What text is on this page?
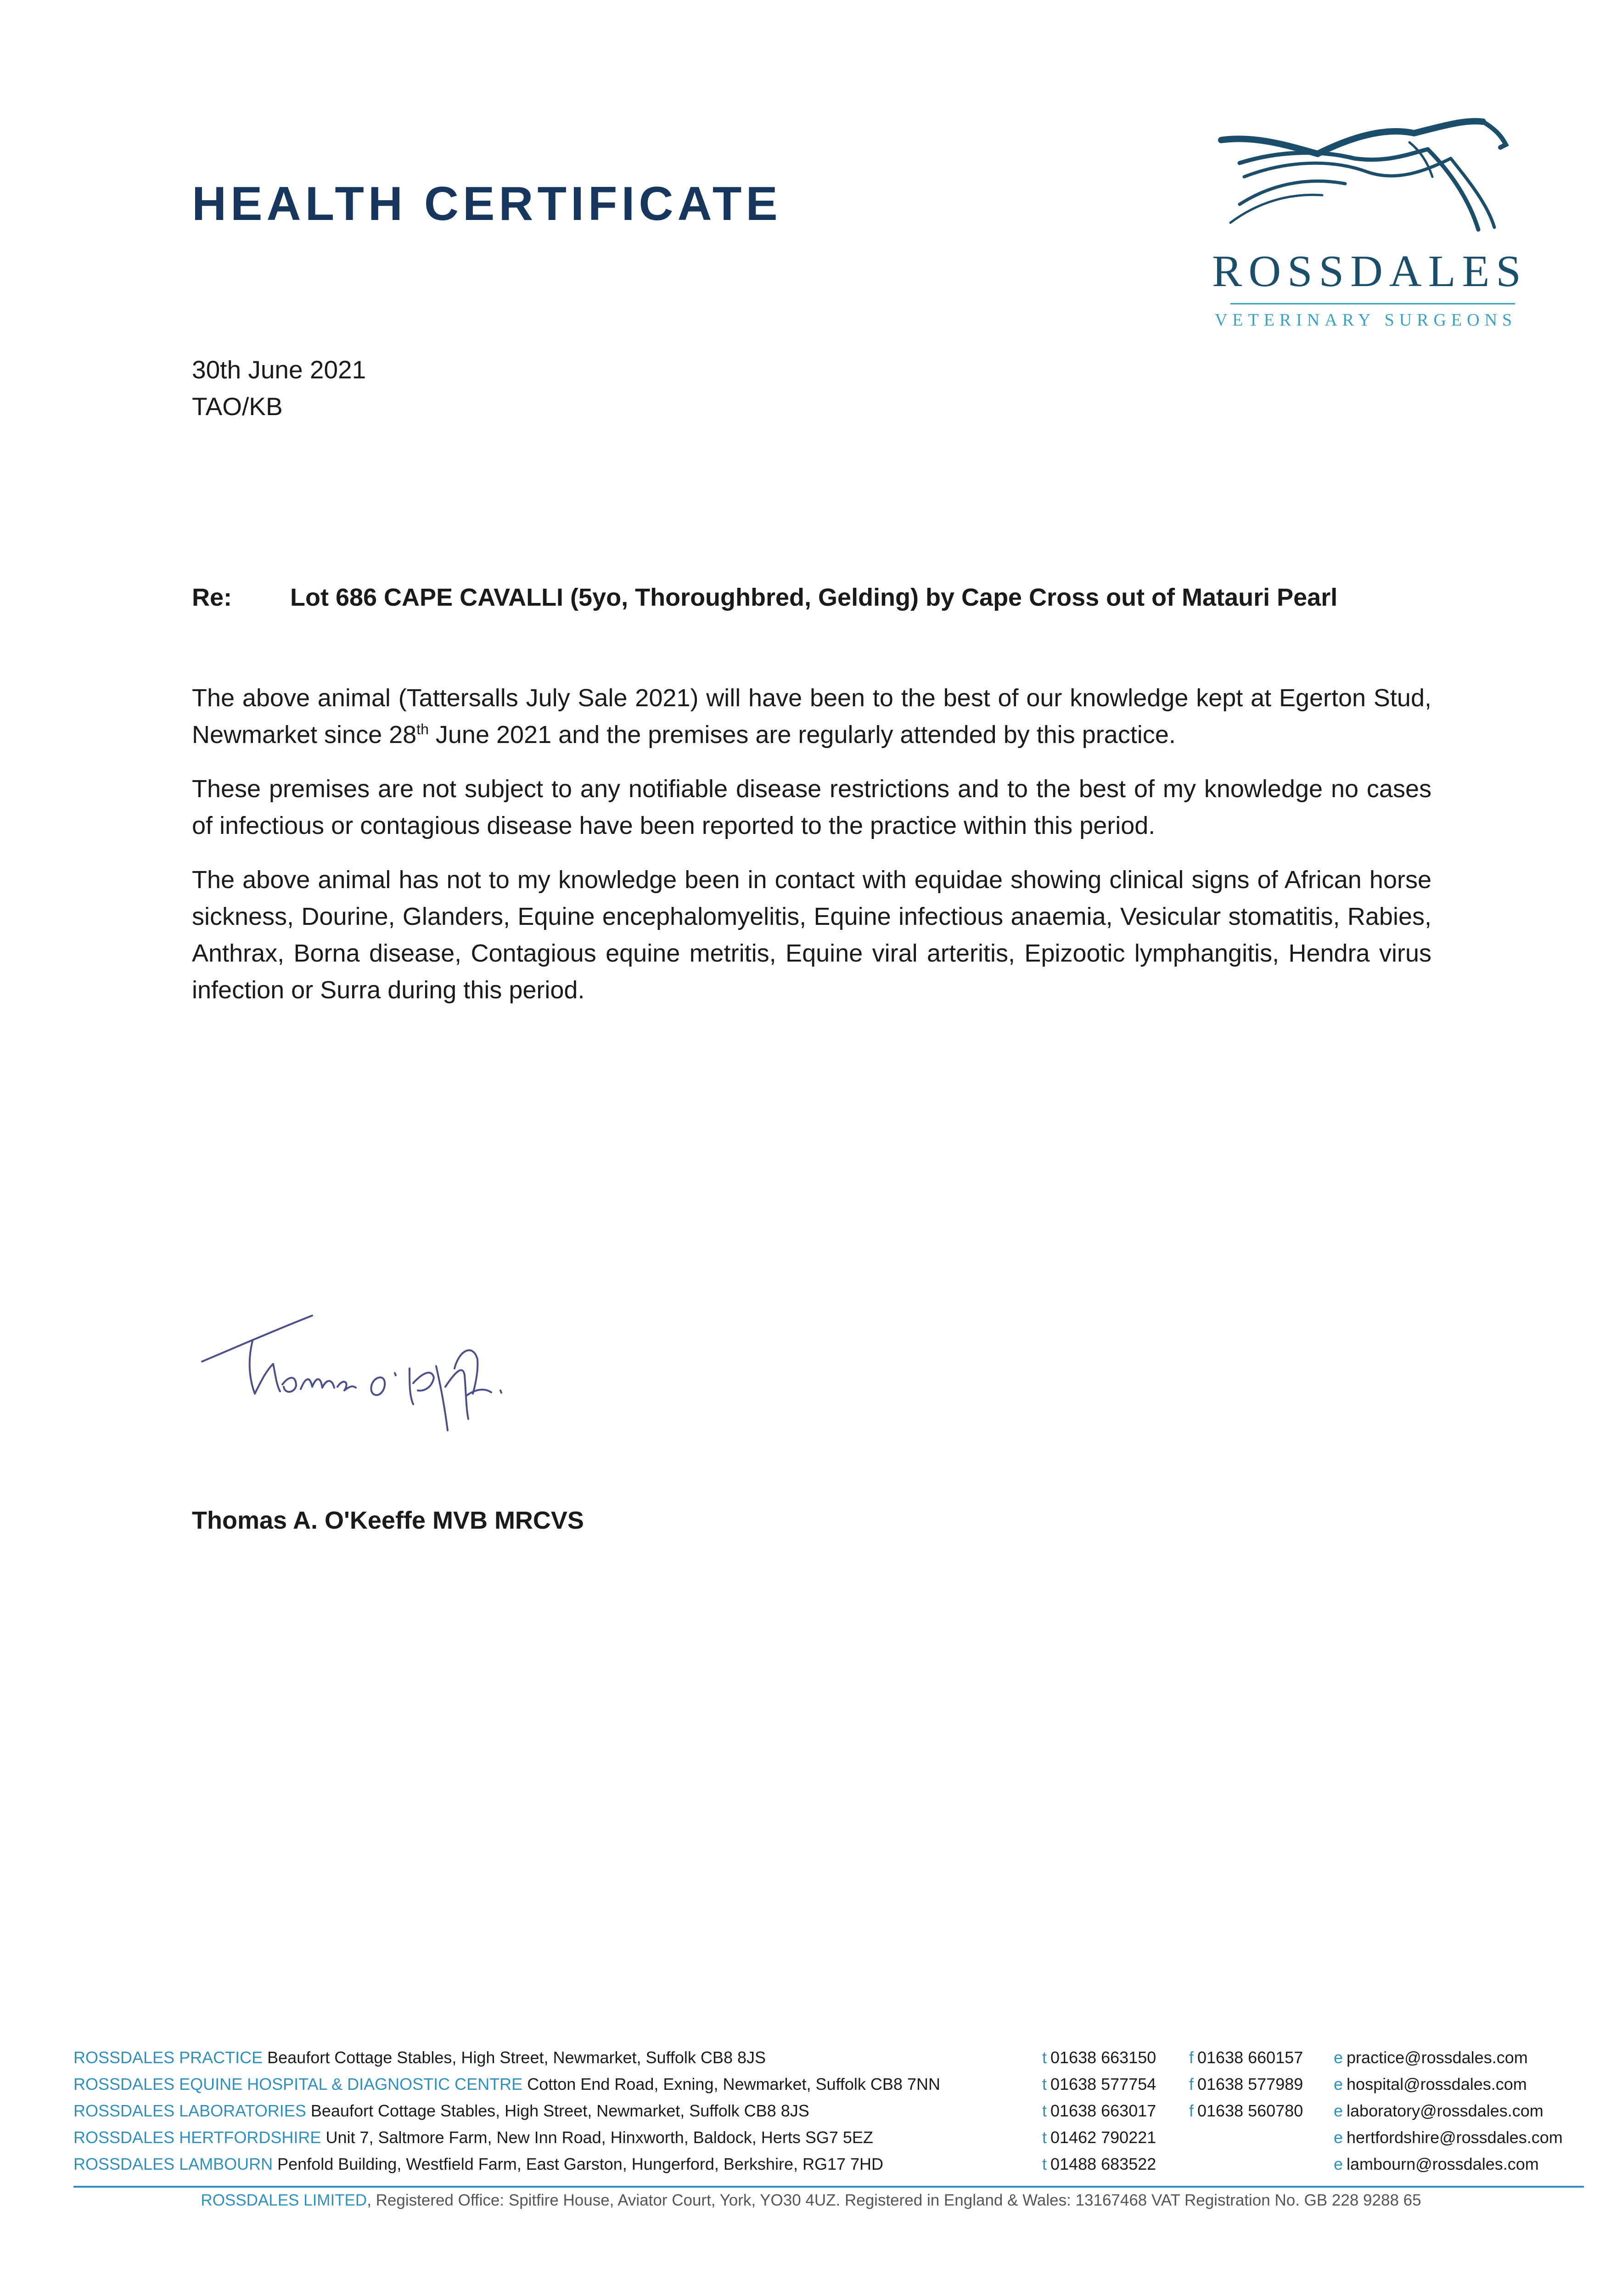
HEALTH CERTIFICATE
ROSSDALES
VETERINARY SURGEONS
30th June 2021
TAO/KB
Re: Lot 686 CAPE CAVALLI (5yo, Thoroughbred, Gelding) by Cape Cross out of Matauri Pearl

The above animal (Tattersalls July Sale 2021) will have been to the best of our knowledge kept at Egerton Stud, Newmarket since 28th June 2021 and the premises are regularly attended by this practice.

These premises are not subject to any notifiable disease restrictions and to the best of my knowledge no cases of infectious or contagious disease have been reported to the practice within this period.

The above animal has not to my knowledge been in contact with equidae showing clinical signs of African horse sickness, Dourine, Glanders, Equine encephalomyelitis, Equine infectious anaemia, Vesicular stomatitis, Rabies, Anthrax, Borna disease, Contagious equine metritis, Equine viral arteritis, Epizootic lymphangitis, Hendra virus infection or Surra during this period.

Thomas A. O'Keeffe MVB MRCVS
ROSSDALES PRACTICE Beaufort Cottage Stables, High Street, Newmarket, Suffolk CB8 8JS	t 01638 663150 f 01638 660157 e practice@rossdales.com
ROSSDALES EQUINE HOSPITAL & DIAGNOSTIC CENTRE Cotton End Road, Exning, Newmarket, Suffolk CB8 7NN	t 01638 577754 f 01638 577989 e hospital@rossdales.com
ROSSDALES LABORATORIES Beaufort Cottage Stables, High Street, Newmarket, Suffolk CB8 8JS	t 01638 663017 f 01638 560780 e laboratory@rossdales.com
ROSSDALES HERTFORDSHIRE Unit 7, Saltmore Farm, New Inn Road, Hinxworth, Baldock, Herts SG7 5EZ	t 01462 790221	e hertfordshire@rossdales.com
ROSSDALES LAMBOURN Penfold Building, Westfield Farm, East Garston, Hungerford, Berkshire, RG17 7HD	t 01488 683522	e lambourn@rossdales.com
ROSSDALES LIMITED, Registered Office: Spitfire House, Aviator Court, York, YO30 4UZ. Registered in England & Wales: 13167468 VAT Registration No. GB 228 9288 65
